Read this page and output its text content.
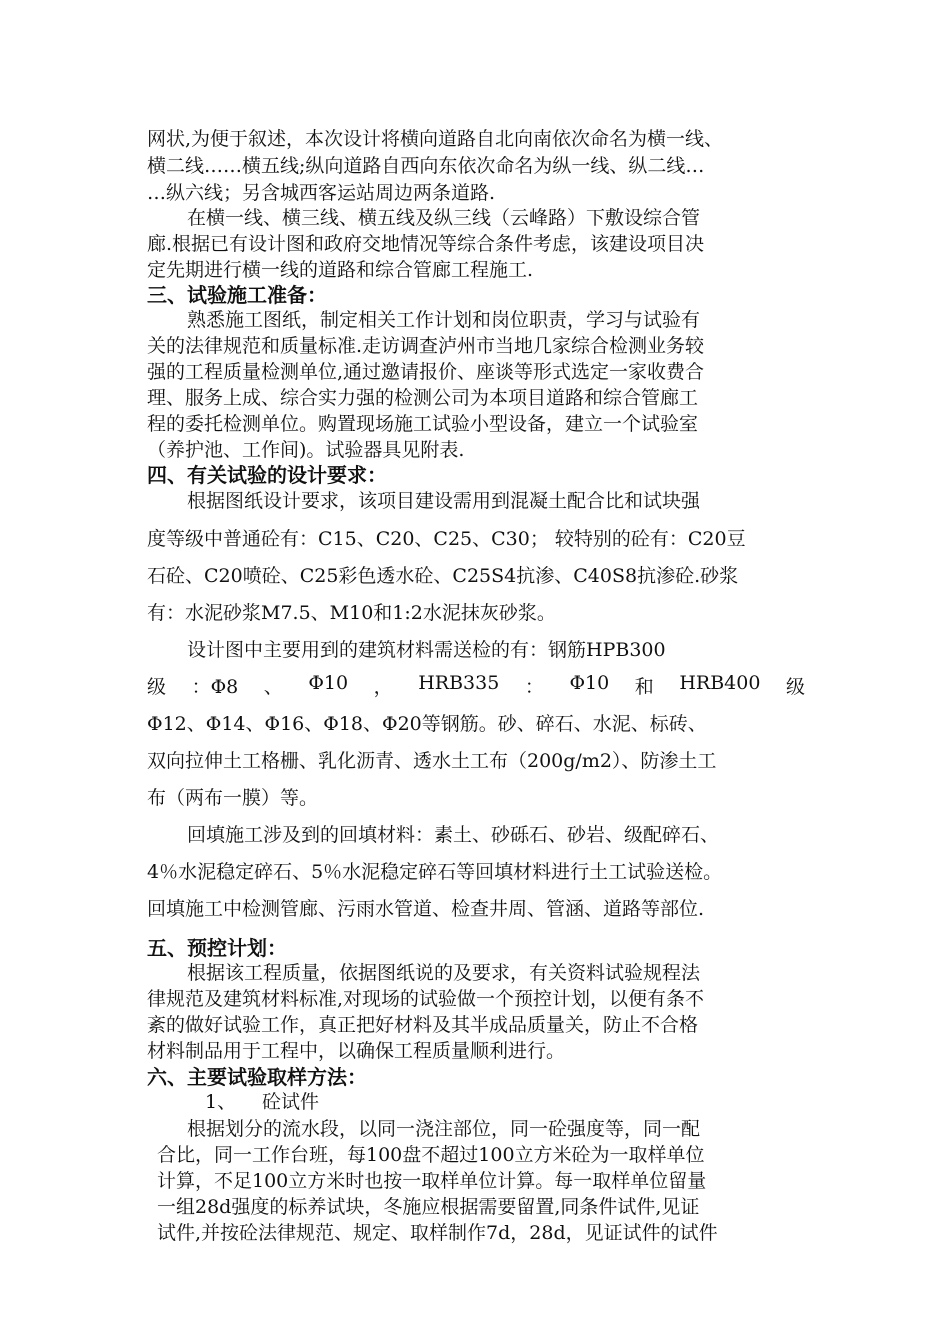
网状,为便于叙述，本次设计将横向道路自北向南依次命名为横一线、
横二线……横五线;纵向道路自西向东依次命名为纵一线、纵二线…
…纵六线；另含城西客运站周边两条道路.
在横一线、横三线、横五线及纵三线（云峰路）下敷设综合管
廊.根据已有设计图和政府交地情况等综合条件考虑，该建设项目决
定先期进行横一线的道路和综合管廊工程施工.
三、试验施工准备：
熟悉施工图纸，制定相关工作计划和岗位职责，学习与试验有
关的法律规范和质量标准.走访调查泸州市当地几家综合检测业务较
强的工程质量检测单位,通过邀请报价、座谈等形式选定一家收费合
理、服务上成、综合实力强的检测公司为本项目道路和综合管廊工
程的委托检测单位。购置现场施工试验小型设备，建立一个试验室
（养护池、工作间)。试验器具见附表.
四、有关试验的设计要求：
根据图纸设计要求，该项目建设需用到混凝土配合比和试块强
度等级中普通砼有：C15、C20、C25、C30； 较特别的砼有：C20豆
石砼、C20喷砼、C25彩色透水砼、C25S4抗渗、C40S8抗渗砼.砂浆
有：水泥砂浆M7.5、M10和1:2水泥抹灰砂浆。
设计图中主要用到的建筑材料需送检的有：钢筋HPB300
级 ：Φ8 、 Φ10 ， HRB335 ： Φ10 和 HRB400 级
Φ12、Φ14、Φ16、Φ18、Φ20等钢筋。砂、碎石、水泥、标砖、
双向拉伸土工格栅、乳化沥青、透水土工布（200g/m2）、防渗土工
布（两布一膜）等。
回填施工涉及到的回填材料：素土、砂砾石、砂岩、级配碎石、
4％水泥稳定碎石、5％水泥稳定碎石等回填材料进行土工试验送检。
回填施工中检测管廊、污雨水管道、检查井周、管涵、道路等部位.
五、预控计划：
根据该工程质量，依据图纸说的及要求，有关资料试验规程法
律规范及建筑材料标准,对现场的试验做一个预控计划，以便有条不
紊的做好试验工作，真正把好材料及其半成品质量关，防止不合格
材料制品用于工程中，以确保工程质量顺利进行。
六、主要试验取样方法：
1、 砼试件
根据划分的流水段，以同一浇注部位，同一砼强度等，同一配
合比，同一工作台班，每100盘不超过100立方米砼为一取样单位
计算，不足100立方米时也按一取样单位计算。每一取样单位留量
一组28d强度的标养试块，冬施应根据需要留置,同条件试件,见证
试件,并按砼法律规范、规定、取样制作7d，28d，见证试件的试件
